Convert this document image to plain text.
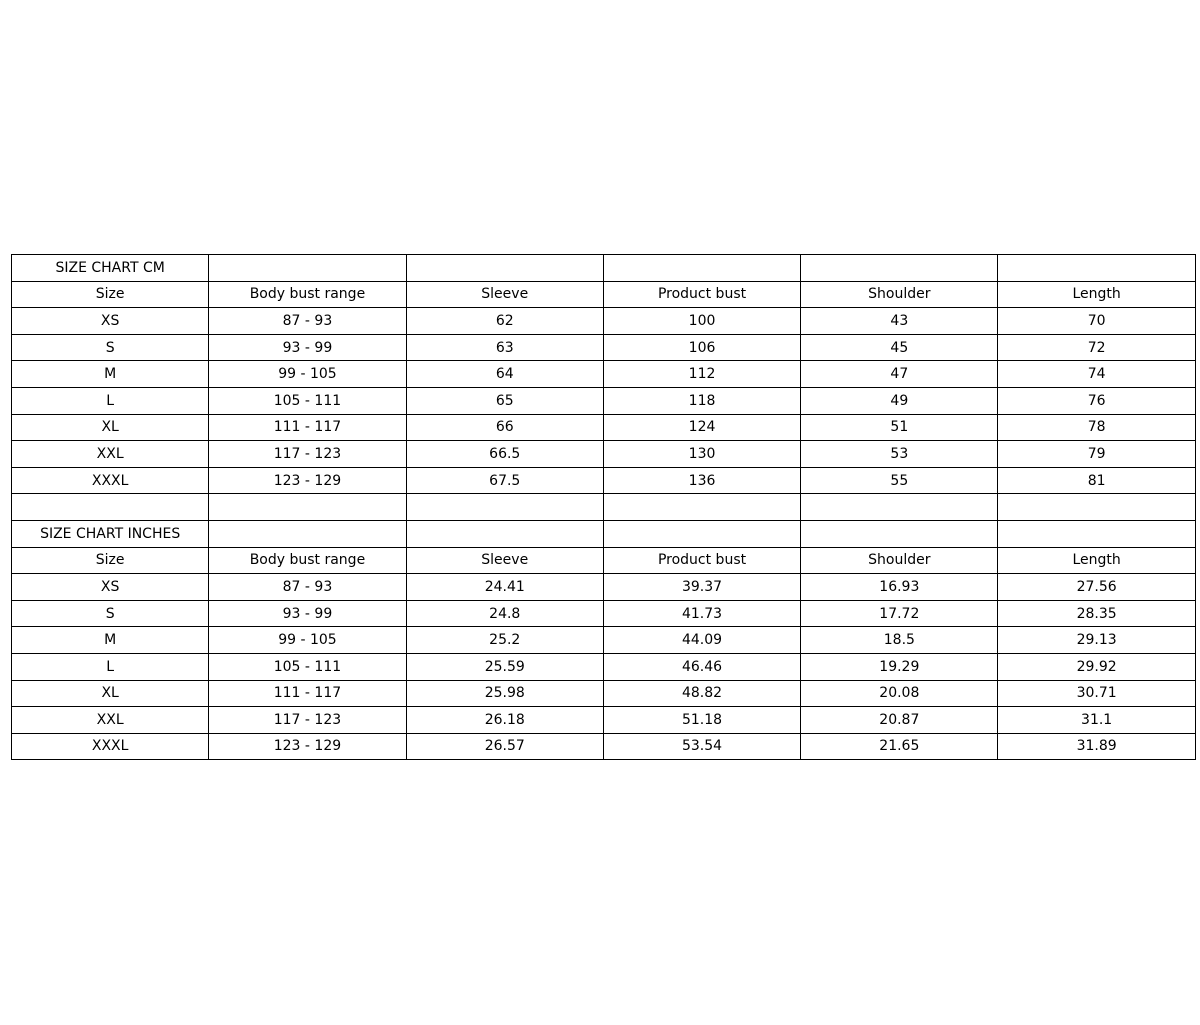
SIZE CHART CM					
Size	Body bust range	Sleeve	Product bust	Shoulder	Length
XS	87 - 93	62	100	43	70
S	93 - 99	63	106	45	72
M	99 - 105	64	112	47	74
L	105 - 111	65	118	49	76
XL	111 - 117	66	124	51	78
XXL	117 - 123	66.5	130	53	79
XXXL	123 - 129	67.5	136	55	81

SIZE CHART INCHES					
Size	Body bust range	Sleeve	Product bust	Shoulder	Length
XS	87 - 93	24.41	39.37	16.93	27.56
S	93 - 99	24.8	41.73	17.72	28.35
M	99 - 105	25.2	44.09	18.5	29.13
L	105 - 111	25.59	46.46	19.29	29.92
XL	111 - 117	25.98	48.82	20.08	30.71
XXL	117 - 123	26.18	51.18	20.87	31.1
XXXL	123 - 129	26.57	53.54	21.65	31.89
